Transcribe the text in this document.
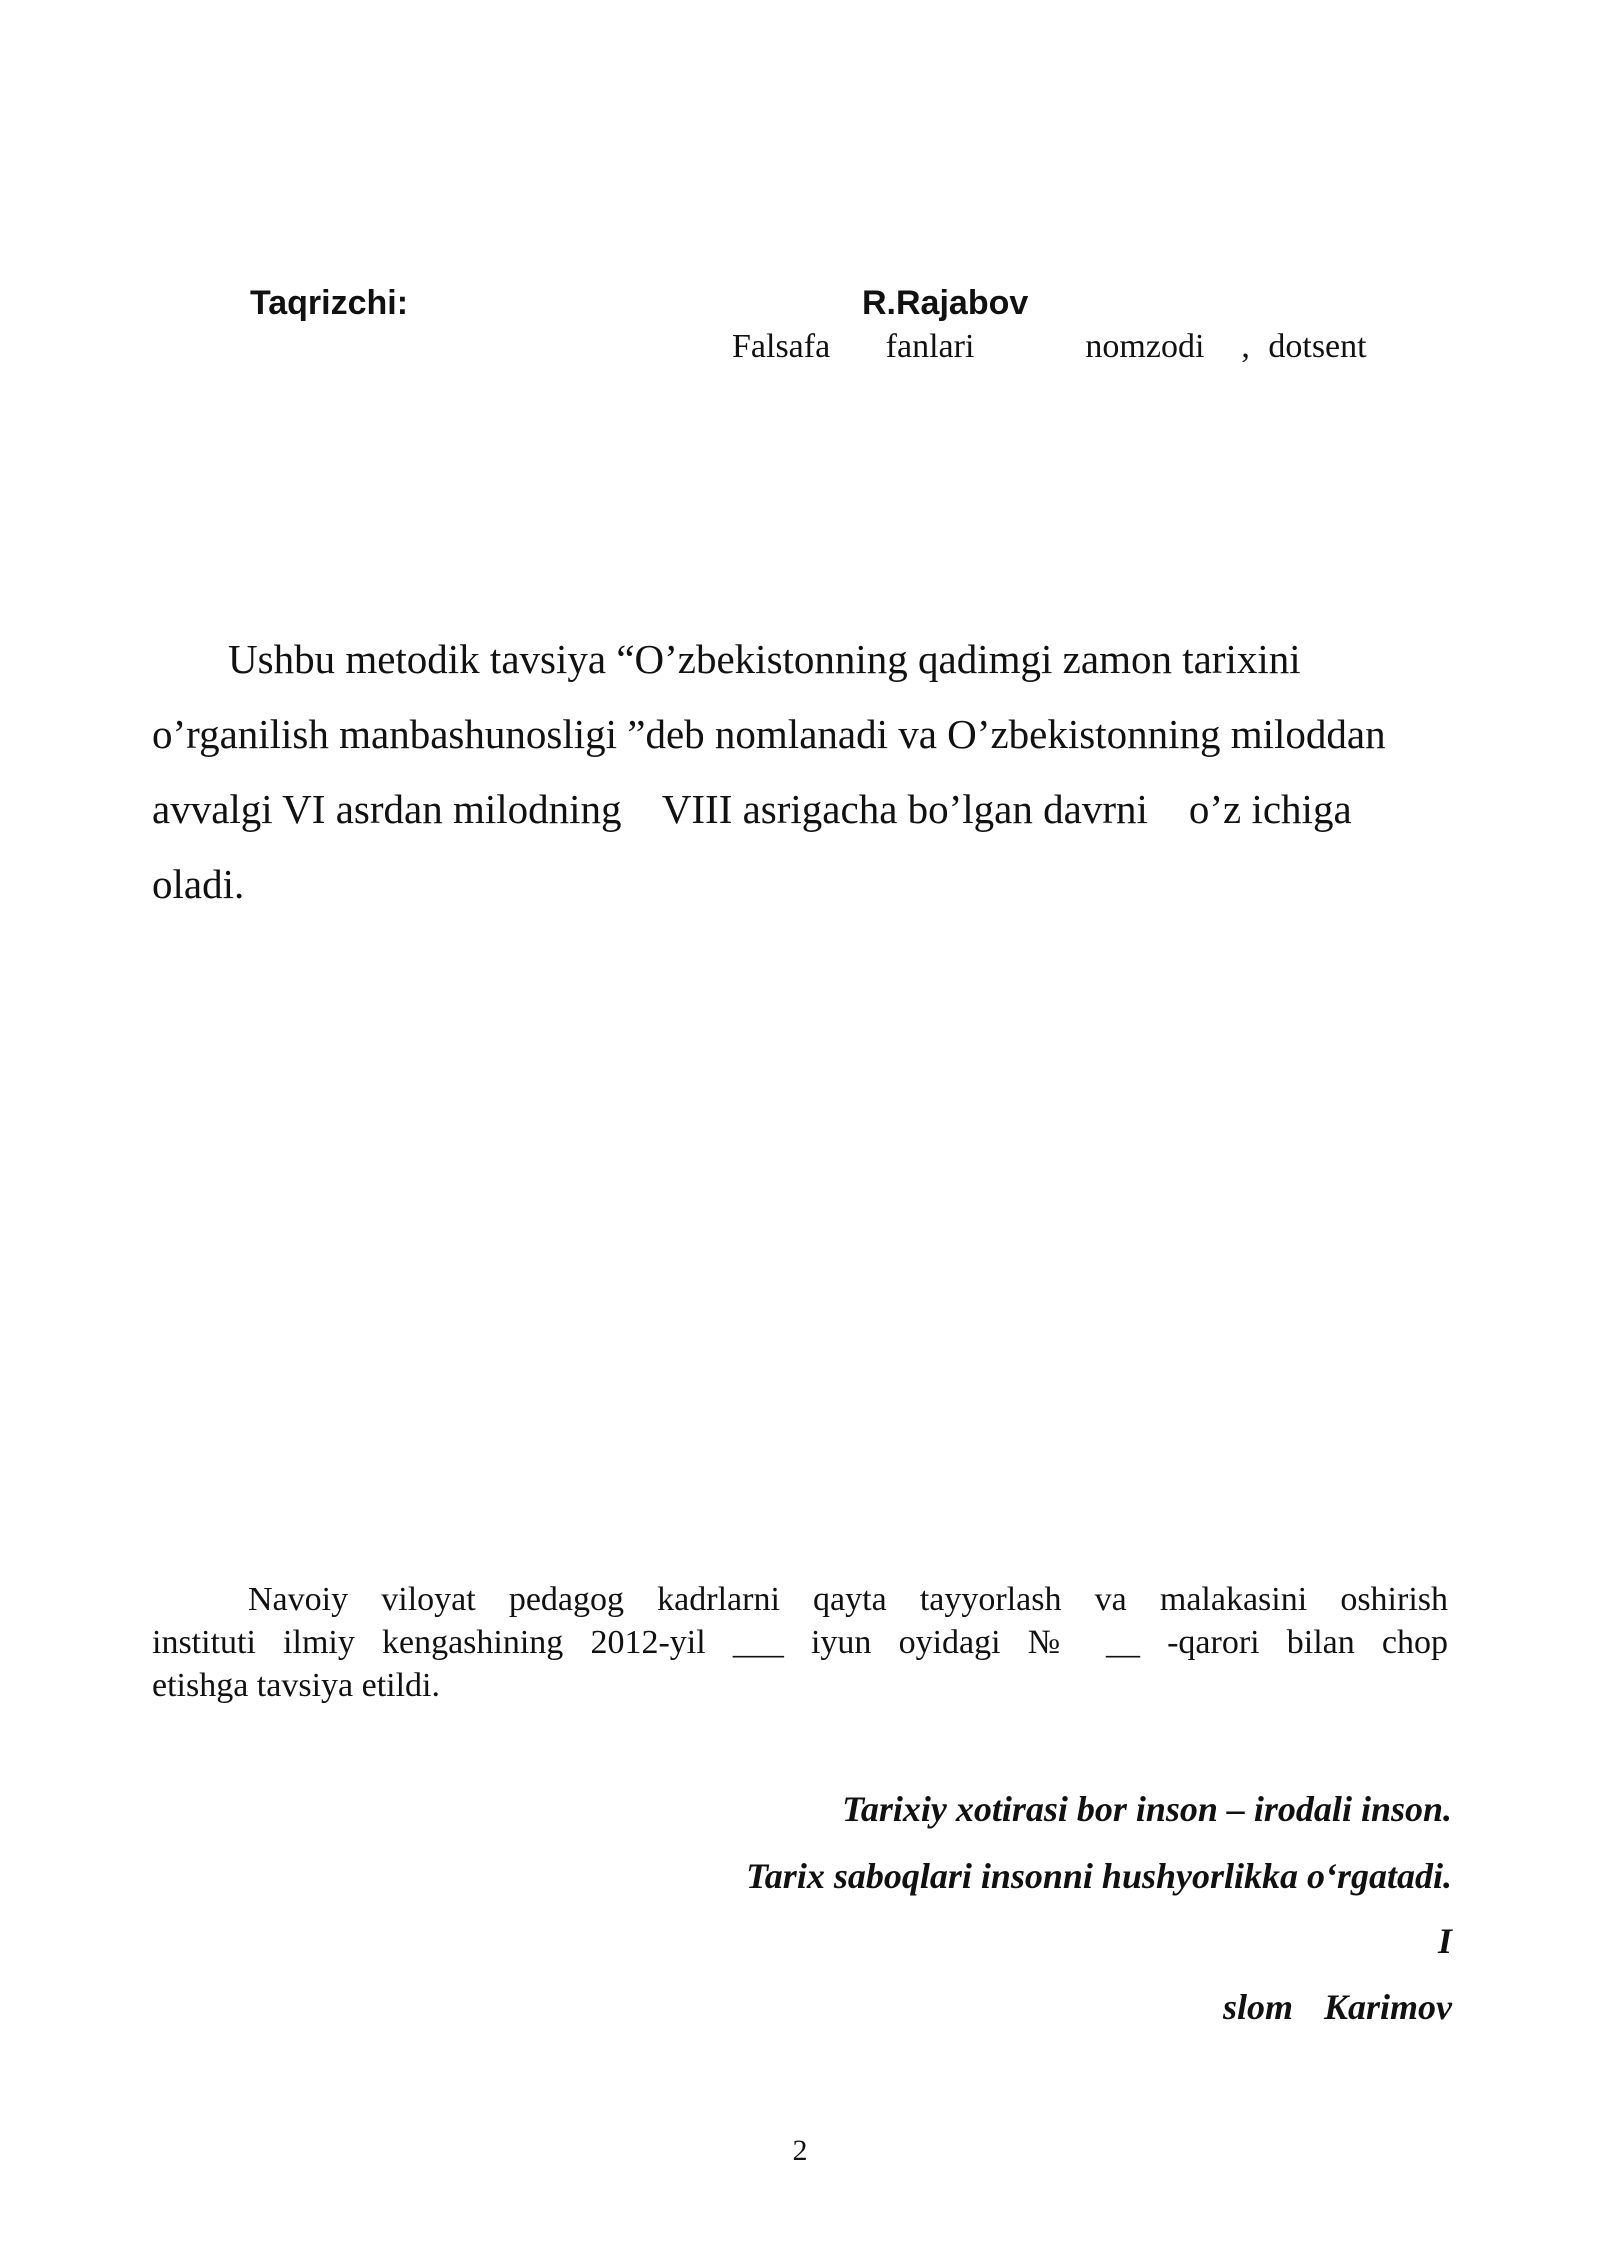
Taqrizchi:	R.Rajabov
Falsafa   fanlari      nomzodi  , dotsent
Ushbu metodik tavsiya “O’zbekistonning qadimgi zamon tarixini
o’rganilish manbashunosligi ”deb nomlanadi va O’zbekistonning miloddan
avvalgi VI asrdan milodning    VIII asrigacha bo’lgan davrni    o’z ichiga
oladi.
Navoiy viloyat pedagog kadrlarni qayta tayyorlash va malakasini oshirish
instituti ilmiy kengashining 2012-yil ___ iyun oyidagi № __ -qarori bilan chop
etishga tavsiya etildi.
Tarixiy xotirasi bor inson – irodali inson.
Tarix saboqlari insonni hushyorlikka o‘rgatadi.
I
slom Karimov
2
